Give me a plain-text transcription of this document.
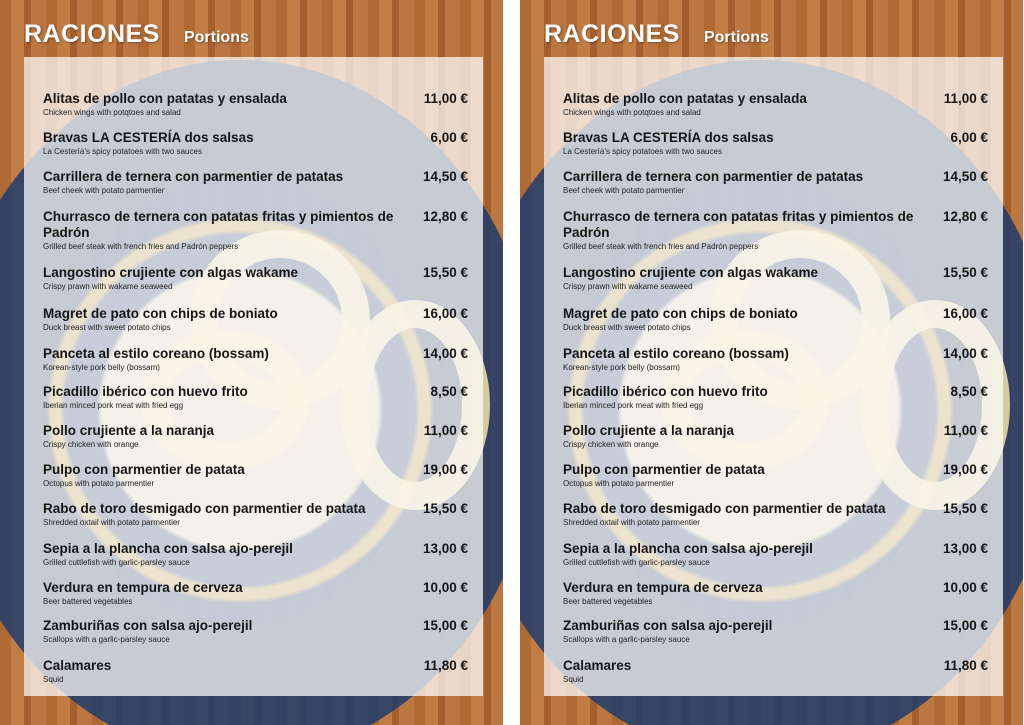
RACIONES Portions
Alitas de pollo con patatas y ensalada
Chicken wings with potqtoes and salad
11,00 €
Bravas LA CESTERÍA dos salsas
La Cestería's spicy potatoes with two sauces
6,00 €
Carrillera de ternera con parmentier de patatas
Beef cheek with potato parmentier
14,50 €
Churrasco de ternera con patatas fritas y pimientos de Padrón
Grilled beef steak with french fries and Padrón peppers
12,80 €
Langostino crujiente con algas wakame
Crispy prawn with wakame seaweed
15,50 €
Magret de pato con chips de boniato
Duck breast with sweet potato chips
16,00 €
Panceta al estilo coreano (bossam)
Korean-style pork belly (bossam)
14,00 €
Picadillo ibérico con huevo frito
Iberian minced pork meat with fried egg
8,50 €
Pollo crujiente a la naranja
Crispy chicken with orange
11,00 €
Pulpo con parmentier de patata
Octopus with potato parmentier
19,00 €
Rabo de toro desmigado con parmentier de patata
Shredded oxtail with potato parmentier
15,50 €
Sepia a la plancha con salsa ajo-perejil
Grilled cuttlefish with garlic-parsley sauce
13,00 €
Verdura en tempura de cerveza
Beer battered vegetables
10,00 €
Zamburiñas con salsa ajo-perejil
Scallops with a garlic-parsley sauce
15,00 €
Calamares
Squid
11,80 €
RACIONES Portions
Alitas de pollo con patatas y ensalada
Chicken wings with potqtoes and salad
11,00 €
Bravas LA CESTERÍA dos salsas
La Cestería's spicy potatoes with two sauces
6,00 €
Carrillera de ternera con parmentier de patatas
Beef cheek with potato parmentier
14,50 €
Churrasco de ternera con patatas fritas y pimientos de Padrón
Grilled beef steak with french fries and Padrón peppers
12,80 €
Langostino crujiente con algas wakame
Crispy prawn with wakame seaweed
15,50 €
Magret de pato con chips de boniato
Duck breast with sweet potato chips
16,00 €
Panceta al estilo coreano (bossam)
Korean-style pork belly (bossam)
14,00 €
Picadillo ibérico con huevo frito
Iberian minced pork meat with fried egg
8,50 €
Pollo crujiente a la naranja
Crispy chicken with orange
11,00 €
Pulpo con parmentier de patata
Octopus with potato parmentier
19,00 €
Rabo de toro desmigado con parmentier de patata
Shredded oxtail with potato parmentier
15,50 €
Sepia a la plancha con salsa ajo-perejil
Grilled cuttlefish with garlic-parsley sauce
13,00 €
Verdura en tempura de cerveza
Beer battered vegetables
10,00 €
Zamburiñas con salsa ajo-perejil
Scallops with a garlic-parsley sauce
15,00 €
Calamares
Squid
11,80 €
